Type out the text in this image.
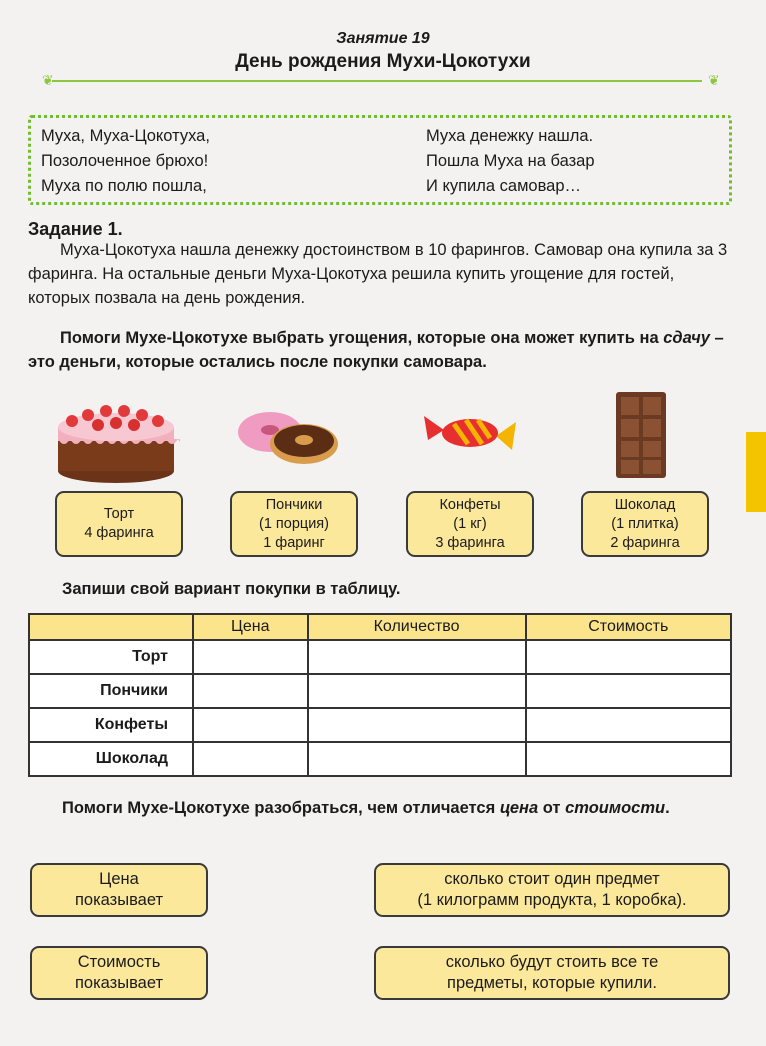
Занятие 19
День рождения Мухи-Цокотухи
❦	❦
Муха, Муха-Цокотуха,
Позолоченное брюхо!
Муха по полю пошла,
Муха денежку нашла.
Пошла Муха на базар
И купила самовар…
Задание 1.
Муха-Цокотуха нашла денежку достоинством в 10 фарингов. Самовар она купила за 3 фаринга. На остальные деньги Муха-Цокотуха решила купить угощение для гостей, которых позвала на день рождения.
Помоги Мухе-Цокотухе выбрать угощения, которые она может купить на сдачу – это деньги, которые остались после покупки самовара.
Торт
4 фаринга
Пончики
(1 порция)
1 фаринг
Конфеты
(1 кг)
3 фаринга
Шоколад
(1 плитка)
2 фаринга
Запиши свой вариант покупки в таблицу.
	Цена	Количество	Стоимость
Торт			
Пончики			
Конфеты			
Шоколад			
Помоги Мухе-Цокотухе разобраться, чем отличается цена от стоимости.
Цена
показывает
сколько стоит один предмет
(1 килограмм продукта, 1 коробка).
Стоимость
показывает
сколько будут стоить все те
предметы, которые купили.
